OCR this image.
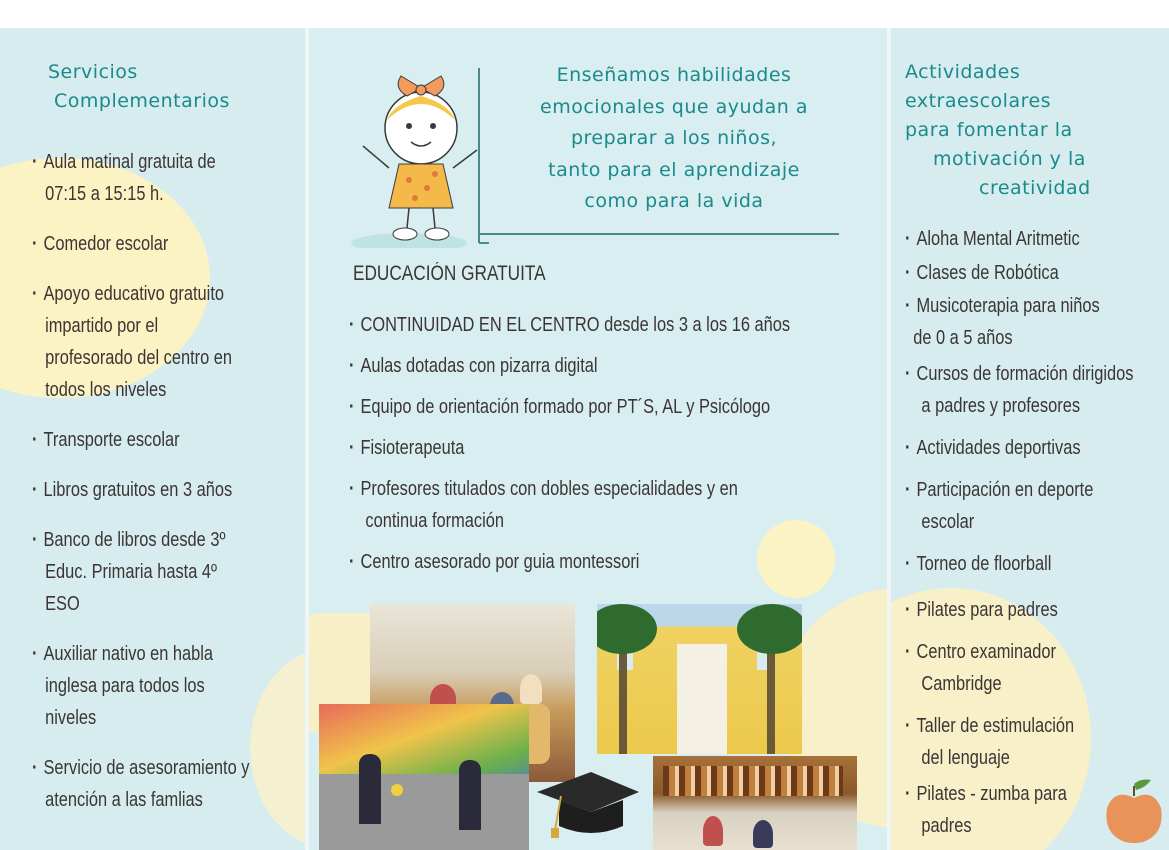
Servicios
Complementarios
· Aula matinal gratuita de
07:15 a 15:15 h.
· Comedor escolar
· Apoyo educativo gratuito
impartido por el
profesorado del centro en
todos los niveles
· Transporte escolar
· Libros gratuitos en 3 años
· Banco de libros desde 3º
Educ. Primaria hasta 4º
ESO
· Auxiliar nativo en habla
inglesa para todos los
niveles
· Servicio de asesoramiento y
atención a las famlias
Enseñamos habilidades
emocionales que ayudan a
preparar a los niños,
tanto para el aprendizaje
como para la vida
EDUCACIÓN GRATUITA
· CONTINUIDAD EN EL CENTRO desde los 3 a los 16 años
· Aulas dotadas con pizarra digital
· Equipo de orientación formado por PT´S, AL y Psicólogo
· Fisioterapeuta
· Profesores titulados con dobles especialidades y en
continua formación
· Centro asesorado por guia montessori
Actividades
extraescolares
para fomentar la
motivación y la
creatividad
· Aloha Mental Aritmetic
· Clases de Robótica
· Musicoterapia para niños
de 0 a 5 años
· Cursos de formación dirigidos
a padres y profesores
· Actividades deportivas
· Participación en deporte
escolar
· Torneo de floorball
· Pilates para padres
· Centro examinador
Cambridge
· Taller de estimulación
del lenguaje
· Pilates - zumba para
padres
